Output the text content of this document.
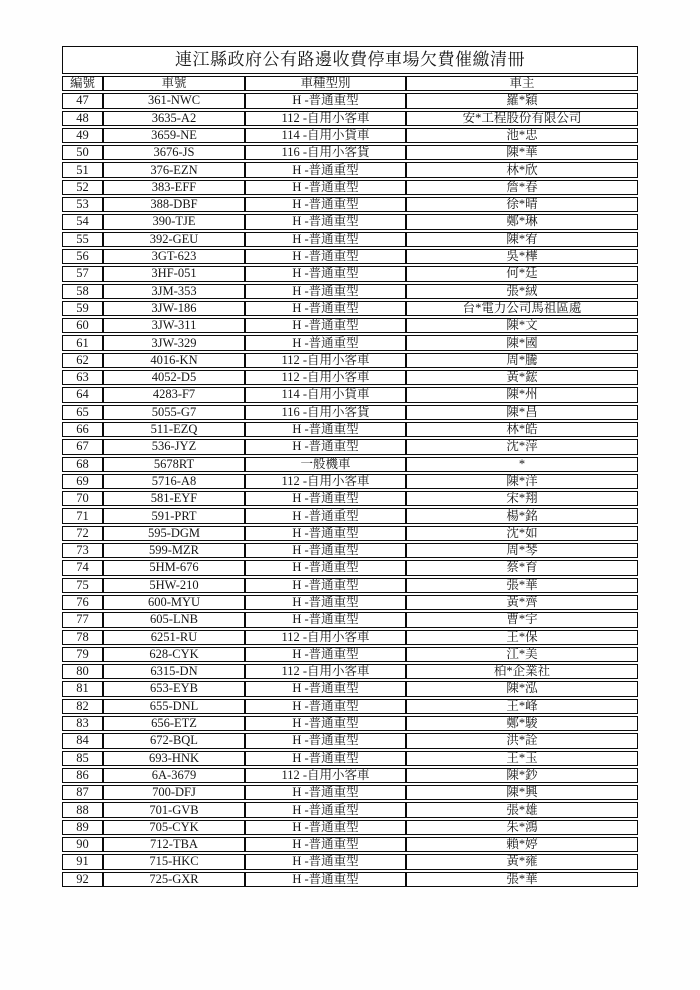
連江縣政府公有路邊收費停車場欠費催繳清冊			
編號	車號	車種型別	車主
47	361-NWC	H -普通重型	羅*穎
48	3635-A2	112 -自用小客車	安*工程股份有限公司
49	3659-NE	114 -自用小貨車	池*忠
50	3676-JS	116 -自用小客貨	陳*華
51	376-EZN	H -普通重型	林*欣
52	383-EFF	H -普通重型	詹*春
53	388-DBF	H -普通重型	徐*晴
54	390-TJE	H -普通重型	鄭*琳
55	392-GEU	H -普通重型	陳*宥
56	3GT-623	H -普通重型	吳*樺
57	3HF-051	H -普通重型	何*廷
58	3JM-353	H -普通重型	張*絨
59	3JW-186	H -普通重型	台*電力公司馬祖區處
60	3JW-311	H -普通重型	陳*文
61	3JW-329	H -普通重型	陳*國
62	4016-KN	112 -自用小客車	周*騰
63	4052-D5	112 -自用小客車	黃*鋐
64	4283-F7	114 -自用小貨車	陳*州
65	5055-G7	116 -自用小客貨	陳*昌
66	511-EZQ	H -普通重型	林*皓
67	536-JYZ	H -普通重型	沈*萍
68	5678RT	一般機車	*
69	5716-A8	112 -自用小客車	陳*洋
70	581-EYF	H -普通重型	宋*翔
71	591-PRT	H -普通重型	楊*銘
72	595-DGM	H -普通重型	沈*如
73	599-MZR	H -普通重型	周*琴
74	5HM-676	H -普通重型	蔡*育
75	5HW-210	H -普通重型	張*華
76	600-MYU	H -普通重型	黃*齊
77	605-LNB	H -普通重型	曹*宇
78	6251-RU	112 -自用小客車	王*保
79	628-CYK	H -普通重型	江*美
80	6315-DN	112 -自用小客車	柏*企業社
81	653-EYB	H -普通重型	陳*泓
82	655-DNL	H -普通重型	王*峰
83	656-ETZ	H -普通重型	鄭*駿
84	672-BQL	H -普通重型	洪*詮
85	693-HNK	H -普通重型	王*玉
86	6A-3679	112 -自用小客車	陳*鈔
87	700-DFJ	H -普通重型	陳*興
88	701-GVB	H -普通重型	張*雄
89	705-CYK	H -普通重型	朱*鴻
90	712-TBA	H -普通重型	賴*婷
91	715-HKC	H -普通重型	黃*雍
92	725-GXR	H -普通重型	張*華
